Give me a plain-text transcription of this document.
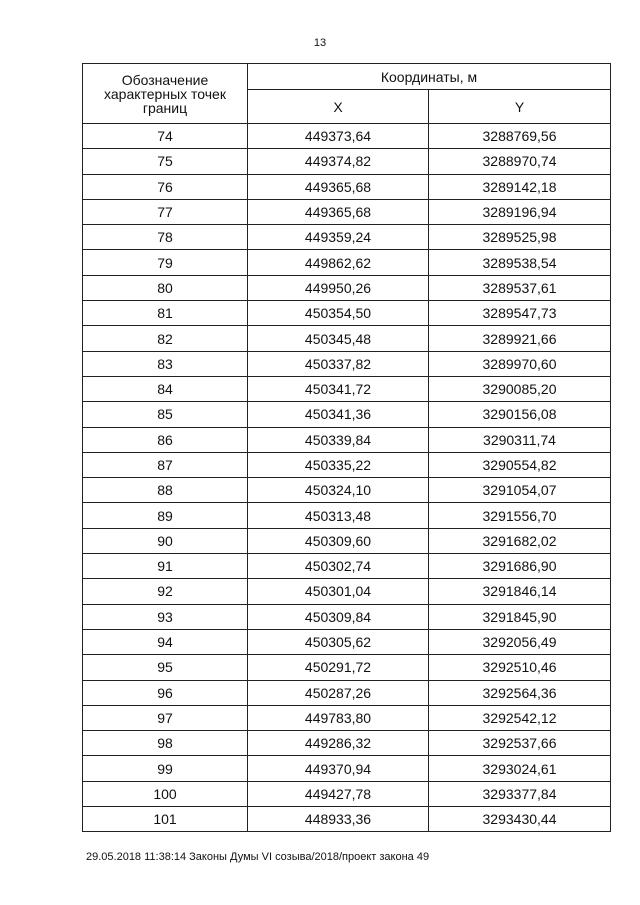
13
Обозначение характерных точек границ	Координаты, м	
	X	Y
74	449373,64	3288769,56
75	449374,82	3288970,74
76	449365,68	3289142,18
77	449365,68	3289196,94
78	449359,24	3289525,98
79	449862,62	3289538,54
80	449950,26	3289537,61
81	450354,50	3289547,73
82	450345,48	3289921,66
83	450337,82	3289970,60
84	450341,72	3290085,20
85	450341,36	3290156,08
86	450339,84	3290311,74
87	450335,22	3290554,82
88	450324,10	3291054,07
89	450313,48	3291556,70
90	450309,60	3291682,02
91	450302,74	3291686,90
92	450301,04	3291846,14
93	450309,84	3291845,90
94	450305,62	3292056,49
95	450291,72	3292510,46
96	450287,26	3292564,36
97	449783,80	3292542,12
98	449286,32	3292537,66
99	449370,94	3293024,61
100	449427,78	3293377,84
101	448933,36	3293430,44
29.05.2018 11:38:14 Законы Думы VI созыва/2018/проект закона 49
